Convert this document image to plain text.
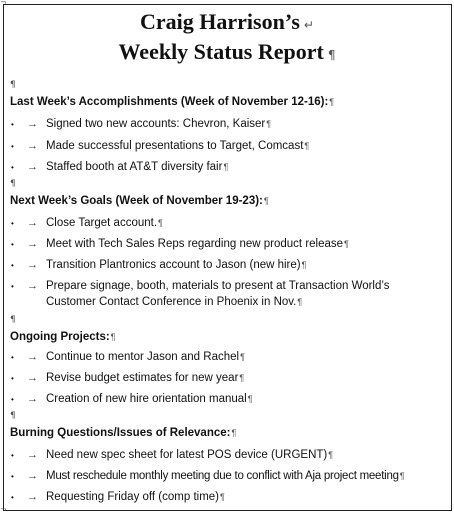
¬
¬
Craig Harrison’s ↵
Weekly Status Report ¶
¶
Last Week’s Accomplishments (Week of November 12-16):¶
• → Signed two new accounts: Chevron, Kaiser¶
• → Made successful presentations to Target, Comcast¶
• → Staffed booth at AT&T diversity fair¶
¶
Next Week’s Goals (Week of November 19-23):¶
• → Close Target account.¶
• → Meet with Tech Sales Reps regarding new product release¶
• → Transition Plantronics account to Jason (new hire)¶
• → Prepare signage, booth, materials to present at Transaction World’s
Customer Contact Conference in Phoenix in Nov.¶
¶
Ongoing Projects:¶
• → Continue to mentor Jason and Rachel¶
• → Revise budget estimates for new year¶
• → Creation of new hire orientation manual¶
¶
Burning Questions/Issues of Relevance:¶
• → Need new spec sheet for latest POS device (URGENT)¶
• → Must reschedule monthly meeting due to conflict with Aja project meeting¶
• → Requesting Friday off (comp time)¶
